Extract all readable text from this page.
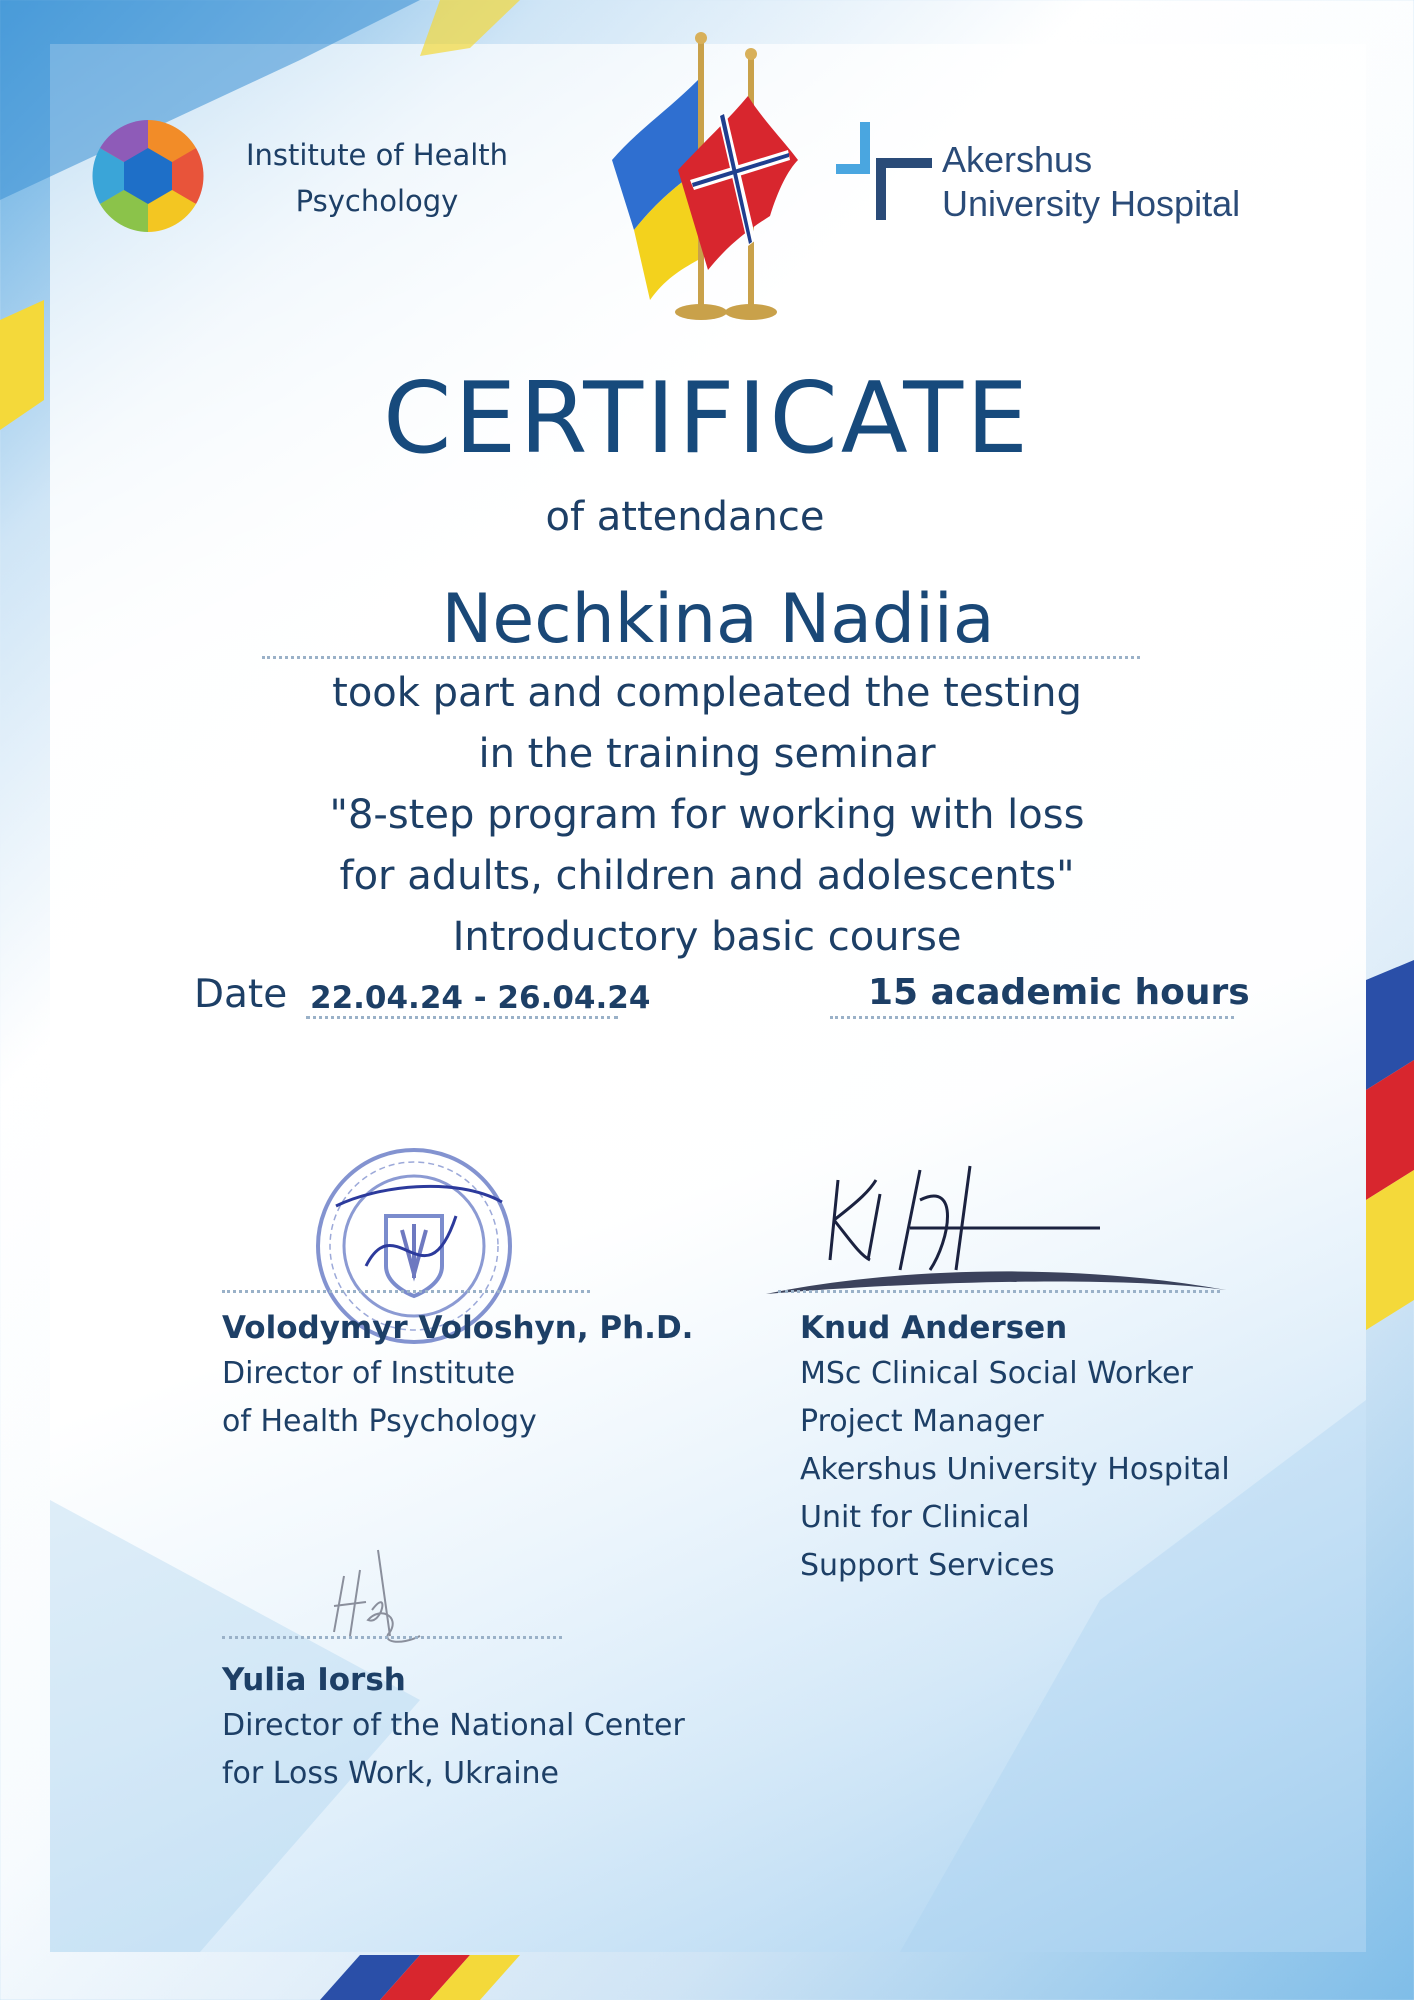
Institute of Health
Psychology
Akershus
University Hospital
CERTIFICATE
of attendance
Nechkina Nadiia
took part and compleated the testing
in the training seminar
"8-step program for working with loss
for adults, children and adolescents"
Introductory basic course
Date 22.04.24 - 26.04.24	15 academic hours
Volodymyr Voloshyn, Ph.D.
Director of Institute
of Health Psychology
Knud Andersen
MSc Clinical Social Worker
Project Manager
Akershus University Hospital
Unit for Clinical
Support Services
Yulia Iorsh
Director of the National Center
for Loss Work, Ukraine
